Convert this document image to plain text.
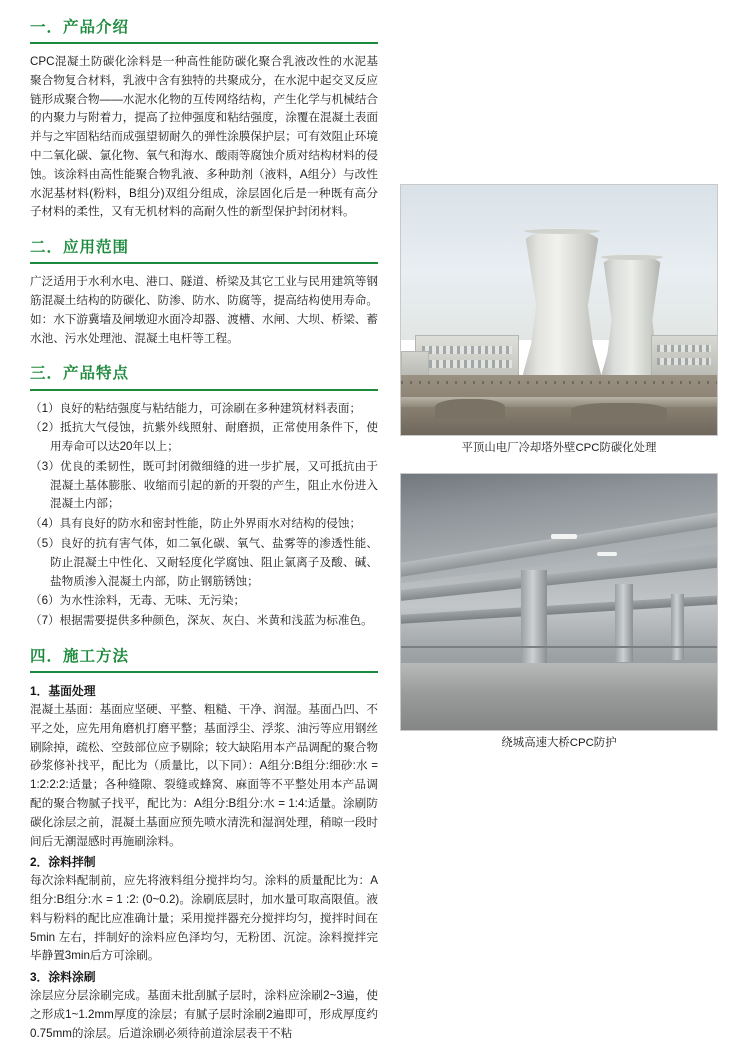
一．产品介绍

CPC混凝土防碳化涂料是一种高性能防碳化聚合乳液改性的水泥基聚合物复合材料，乳液中含有独特的共聚成分，在水泥中起交叉反应链形成聚合物——水泥水化物的互传网络结构，产生化学与机械结合的内聚力与附着力，提高了拉伸强度和粘结强度，涂覆在混凝土表面并与之牢固粘结而成强望韧耐久的弹性涂膜保护层；可有效阻止环境中二氧化碳、氯化物、氧气和海水、酸雨等腐蚀介质对结构材料的侵蚀。该涂料由高性能聚合物乳液、多种助剂（液料，A组分）与改性水泥基材料(粉料，B组分)双组分组成，涂层固化后是一种既有高分子材料的柔性，又有无机材料的高耐久性的新型保护封闭材料。

二．应用范围

广泛适用于水利水电、港口、隧道、桥梁及其它工业与民用建筑等钢筋混凝土结构的防碳化、防渗、防水、防腐等，提高结构使用寿命。如：水下游冀墙及闸墩迎水面冷却器、渡槽、水闸、大坝、桥梁、蓄水池、污水处理池、混凝土电杆等工程。

三．产品特点
（1）良好的粘结强度与粘结能力，可涂刷在多种建筑材料表面；
（2）抵抗大气侵蚀，抗紫外线照射、耐磨损，正常使用条件下，使用寿命可以达20年以上；
（3）优良的柔韧性，既可封闭微细缝的进一步扩展，又可抵抗由于混凝土基体膨胀、收缩而引起的新的开裂的产生，阻止水份进入混凝土内部；
（4）具有良好的防水和密封性能，防止外界雨水对结构的侵蚀；
（5）良好的抗有害气体，如二氧化碳、氧气、盐雾等的渗透性能、防止混凝土中性化、又耐轻度化学腐蚀、阻止氯离子及酸、碱、盐物质渗入混凝土内部，防止钢筋锈蚀；
（6）为水性涂料，无毒、无味、无污染；
（7）根据需要提供多种颜色，深灰、灰白、米黄和浅蓝为标准色。
四．施工方法
1．基面处理

混凝土基面：基面应坚硬、平整、粗糙、干净、润湿。基面凸凹、不平之处，应先用角磨机打磨平整；基面浮尘、浮浆、油污等应用钢丝刷除掉，疏松、空鼓部位应予剔除；较大缺陷用本产品调配的聚合物砂浆修补找平，配比为（质量比，以下同）：A组分:B组分:细砂:水 = 1:2:2:2:适量；各种缝隙、裂缝或蜂窝、麻面等不平整处用本产品调配的聚合物腻子找平，配比为：A组分:B组分:水 = 1:4:适量。涂刷防碳化涂层之前，混凝土基面应预先喷水清洗和湿润处理，稍晾一段时间后无潮湿感时再施刷涂料。

2．涂料拌制

每次涂料配制前，应先将液料组分搅拌均匀。涂料的质量配比为：A组分:B组分:水 = 1 :2: (0~0.2)。涂刷底层时，加水量可取高限值。液料与粉料的配比应准确计量；采用搅拌器充分搅拌均匀，搅拌时间在5min 左右，拌制好的涂料应色泽均匀，无粉团、沉淀。涂料搅拌完毕静置3min后方可涂刷。

3．涂料涂刷

涂层应分层涂刷完成。基面未批刮腻子层时，涂料应涂刷2~3遍，使之形成1~1.2mm厚度的涂层；有腻子层时涂刷2遍即可，形成厚度约0.75mm的涂层。后道涂刷必须待前道涂层表干不粘

平顶山电厂冷却塔外壁CPC防碳化处理
绕城高速大桥CPC防护
